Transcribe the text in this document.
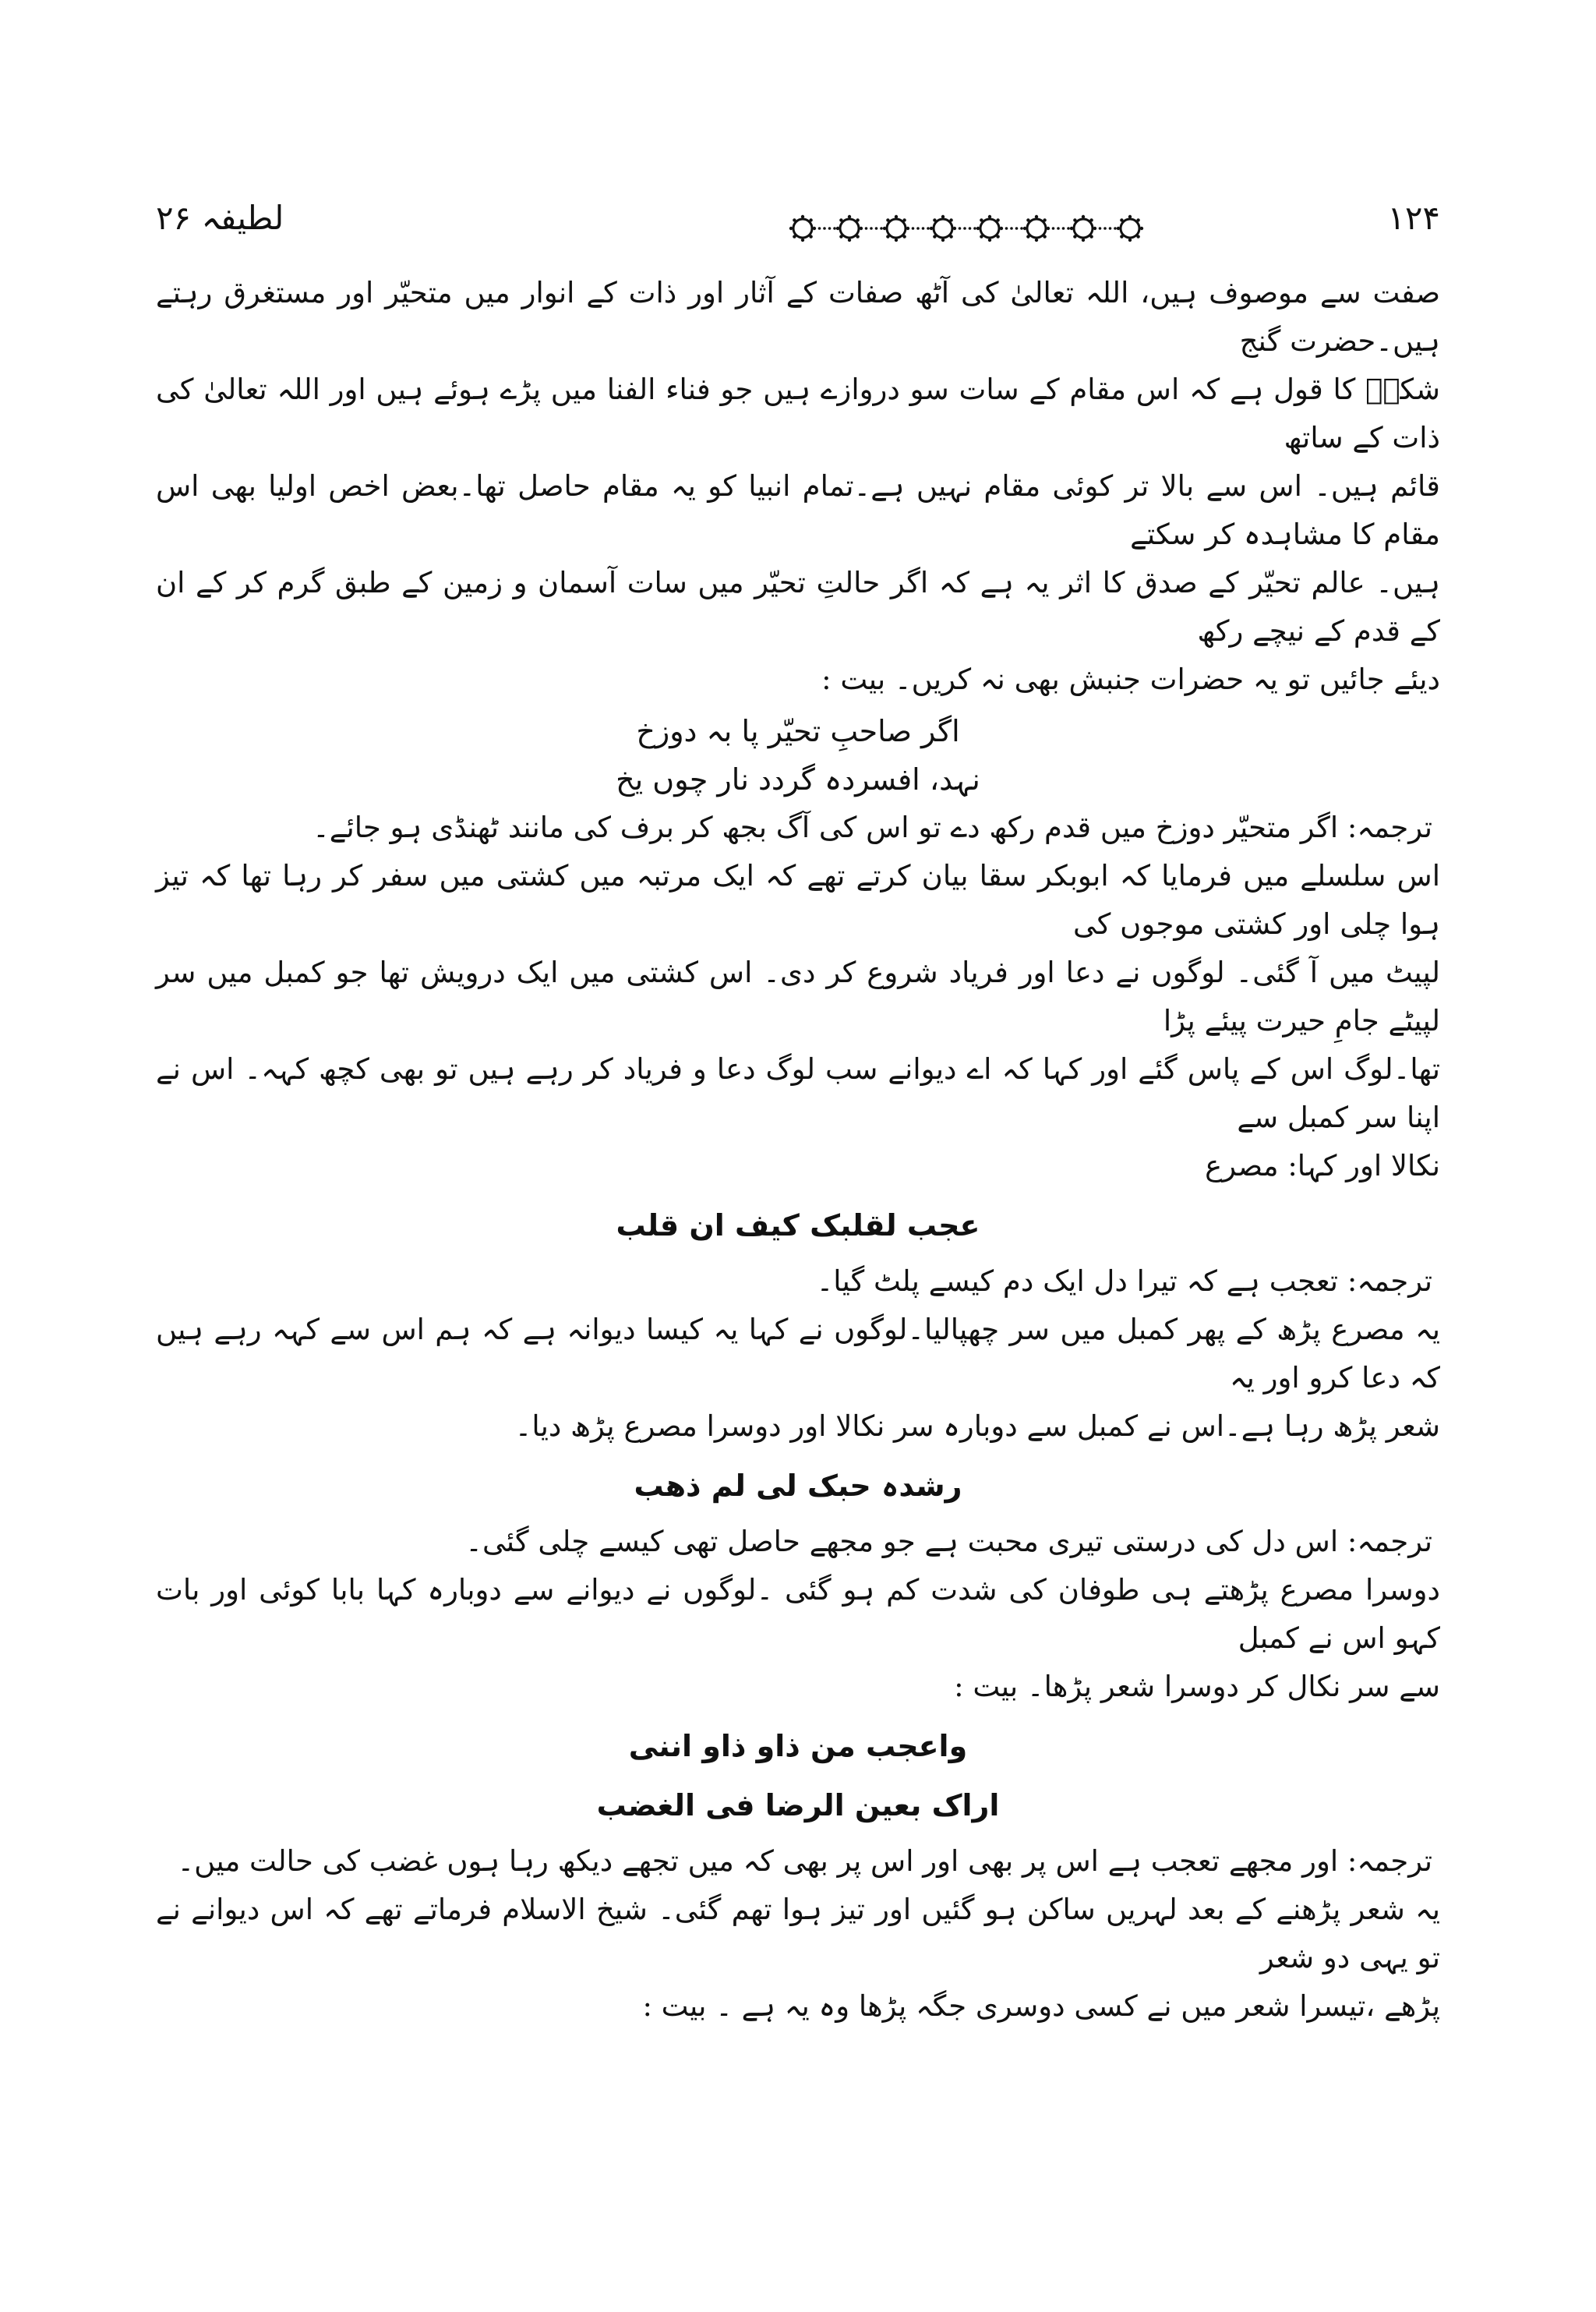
لطیفہ ۲۶	۱۲۴

صفت سے موصوف ہیں، اللہ تعالیٰ کی آٹھ صفات کے آثار اور ذات کے انوار میں متحیّر اور مستغرق رہتے ہیں۔حضرت گنج
شکرؒ کا قول ہے کہ اس مقام کے سات سو دروازے ہیں جو فناء الفنا میں پڑے ہوئے ہیں اور اللہ تعالیٰ کی ذات کے ساتھ
قائم ہیں۔ اس سے بالا تر کوئی مقام نہیں ہے۔تمام انبیا کو یہ مقام حاصل تھا۔بعض اخص اولیا بھی اس مقام کا مشاہدہ کر سکتے
ہیں۔ عالم تحیّر کے صدق کا اثر یہ ہے کہ اگر حالتِ تحیّر میں سات آسمان و زمین کے طبق گرم کر کے ان کے قدم کے نیچے رکھ
دیئے جائیں تو یہ حضرات جنبش بھی نہ کریں۔ بیت :

اگر صاحبِ تحیّر پا بہ دوزخ

نہد، افسردہ گردد نار چوں یخ

ترجمہ: اگر متحیّر دوزخ میں قدم رکھ دے تو اس کی آگ بجھ کر برف کی مانند ٹھنڈی ہو جائے۔

اس سلسلے میں فرمایا کہ ابوبکر سقا بیان کرتے تھے کہ ایک مرتبہ میں کشتی میں سفر کر رہا تھا کہ تیز ہوا چلی اور کشتی موجوں کی
لپیٹ میں آ گئی۔ لوگوں نے دعا اور فریاد شروع کر دی۔ اس کشتی میں ایک درویش تھا جو کمبل میں سر لپیٹے جامِ حیرت پیئے پڑا
تھا۔لوگ اس کے پاس گئے اور کہا کہ اے دیوانے سب لوگ دعا و فریاد کر رہے ہیں تو بھی کچھ کہہ۔ اس نے اپنا سر کمبل سے
نکالا اور کہا: مصرع

عجب لقلبک کیف ان قلب

ترجمہ: تعجب ہے کہ تیرا دل ایک دم کیسے پلٹ گیا۔

یہ مصرع پڑھ کے پھر کمبل میں سر چھپالیا۔لوگوں نے کہا یہ کیسا دیوانہ ہے کہ ہم اس سے کہہ رہے ہیں کہ دعا کرو اور یہ
شعر پڑھ رہا ہے۔اس نے کمبل سے دوبارہ سر نکالا اور دوسرا مصرع پڑھ دیا۔

رشدہ حبک لی لم ذھب

ترجمہ: اس دل کی درستی تیری محبت ہے جو مجھے حاصل تھی کیسے چلی گئی۔

دوسرا مصرع پڑھتے ہی طوفان کی شدت کم ہو گئی ۔لوگوں نے دیوانے سے دوبارہ کہا بابا کوئی اور بات کہو اس نے کمبل
سے سر نکال کر دوسرا شعر پڑھا۔ بیت :

واعجب من ذاو ذاو اننی

اراک بعین الرضا فی الغضب

ترجمہ: اور مجھے تعجب ہے اس پر بھی اور اس پر بھی کہ میں تجھے دیکھ رہا ہوں غضب کی حالت میں۔

یہ شعر پڑھنے کے بعد لہریں ساکن ہو گئیں اور تیز ہوا تھم گئی۔ شیخ الاسلام فرماتے تھے کہ اس دیوانے نے تو یہی دو شعر
پڑھے ،تیسرا شعر میں نے کسی دوسری جگہ پڑھا وہ یہ ہے ۔ بیت :
